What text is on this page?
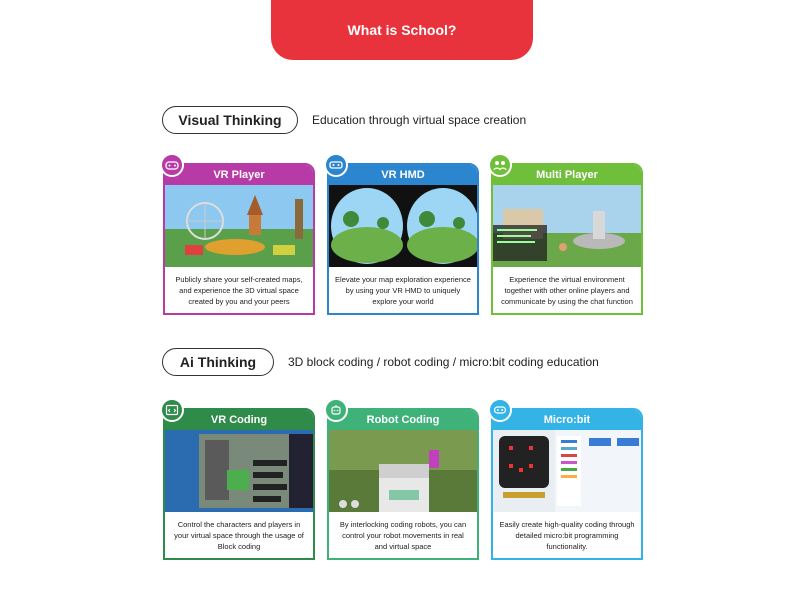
What is School?
Visual Thinking	Education through virtual space creation
Ai Thinking	3D block coding / robot coding / micro:bit coding education
VR Player
Publicly share your self-created maps, and experience the 3D virtual space created by you and your peers
VR HMD
Elevate your map exploration experience by using your VR HMD to uniquely explore your world
Multi Player
Experience the virtual environment together with other online players and communicate by using the chat function
VR Coding
Control the characters and players in your virtual space through the usage of Block coding
Robot Coding
By interlocking coding robots, you can control your robot movements in real and virtual space
Micro:bit
Easily create high-quality coding through detailed micro:bit programming functionality.
